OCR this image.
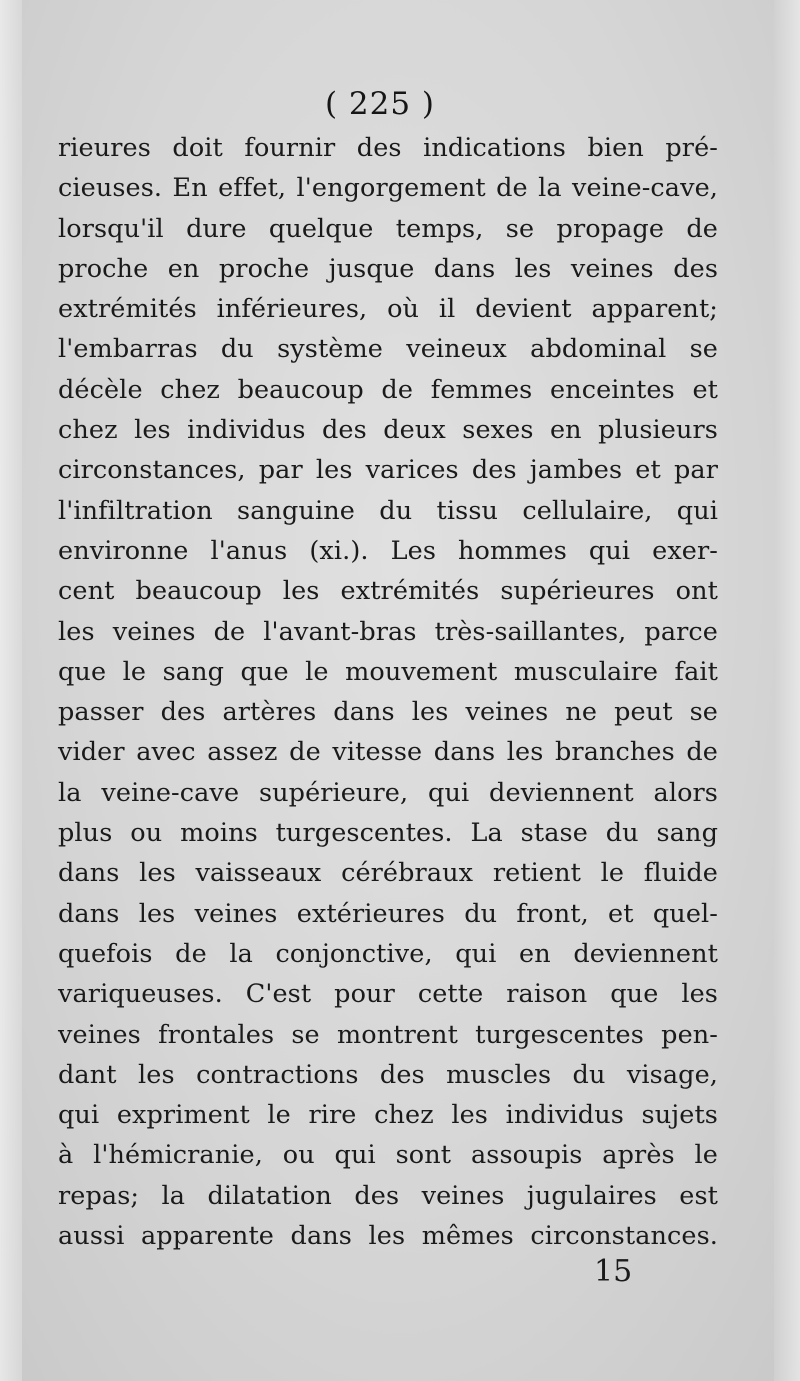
( 225 )
rieures doit fournir des indications bien pré-
cieuses. En effet, l'engorgement de la veine-cave,
lorsqu'il dure quelque temps, se propage de
proche en proche jusque dans les veines des
extrémités inférieures, où il devient apparent;
l'embarras du système veineux abdominal se
décèle chez beaucoup de femmes enceintes et
chez les individus des deux sexes en plusieurs
circonstances, par les varices des jambes et par
l'infiltration sanguine du tissu cellulaire, qui
environne l'anus (xi.). Les hommes qui exer-
cent beaucoup les extrémités supérieures ont
les veines de l'avant-bras très-saillantes, parce
que le sang que le mouvement musculaire fait
passer des artères dans les veines ne peut se
vider avec assez de vitesse dans les branches de
la veine-cave supérieure, qui deviennent alors
plus ou moins turgescentes. La stase du sang
dans les vaisseaux cérébraux retient le fluide
dans les veines extérieures du front, et quel-
quefois de la conjonctive, qui en deviennent
variqueuses. C'est pour cette raison que les
veines frontales se montrent turgescentes pen-
dant les contractions des muscles du visage,
qui expriment le rire chez les individus sujets
à l'hémicranie, ou qui sont assoupis après le
repas; la dilatation des veines jugulaires est
aussi apparente dans les mêmes circonstances.
15
